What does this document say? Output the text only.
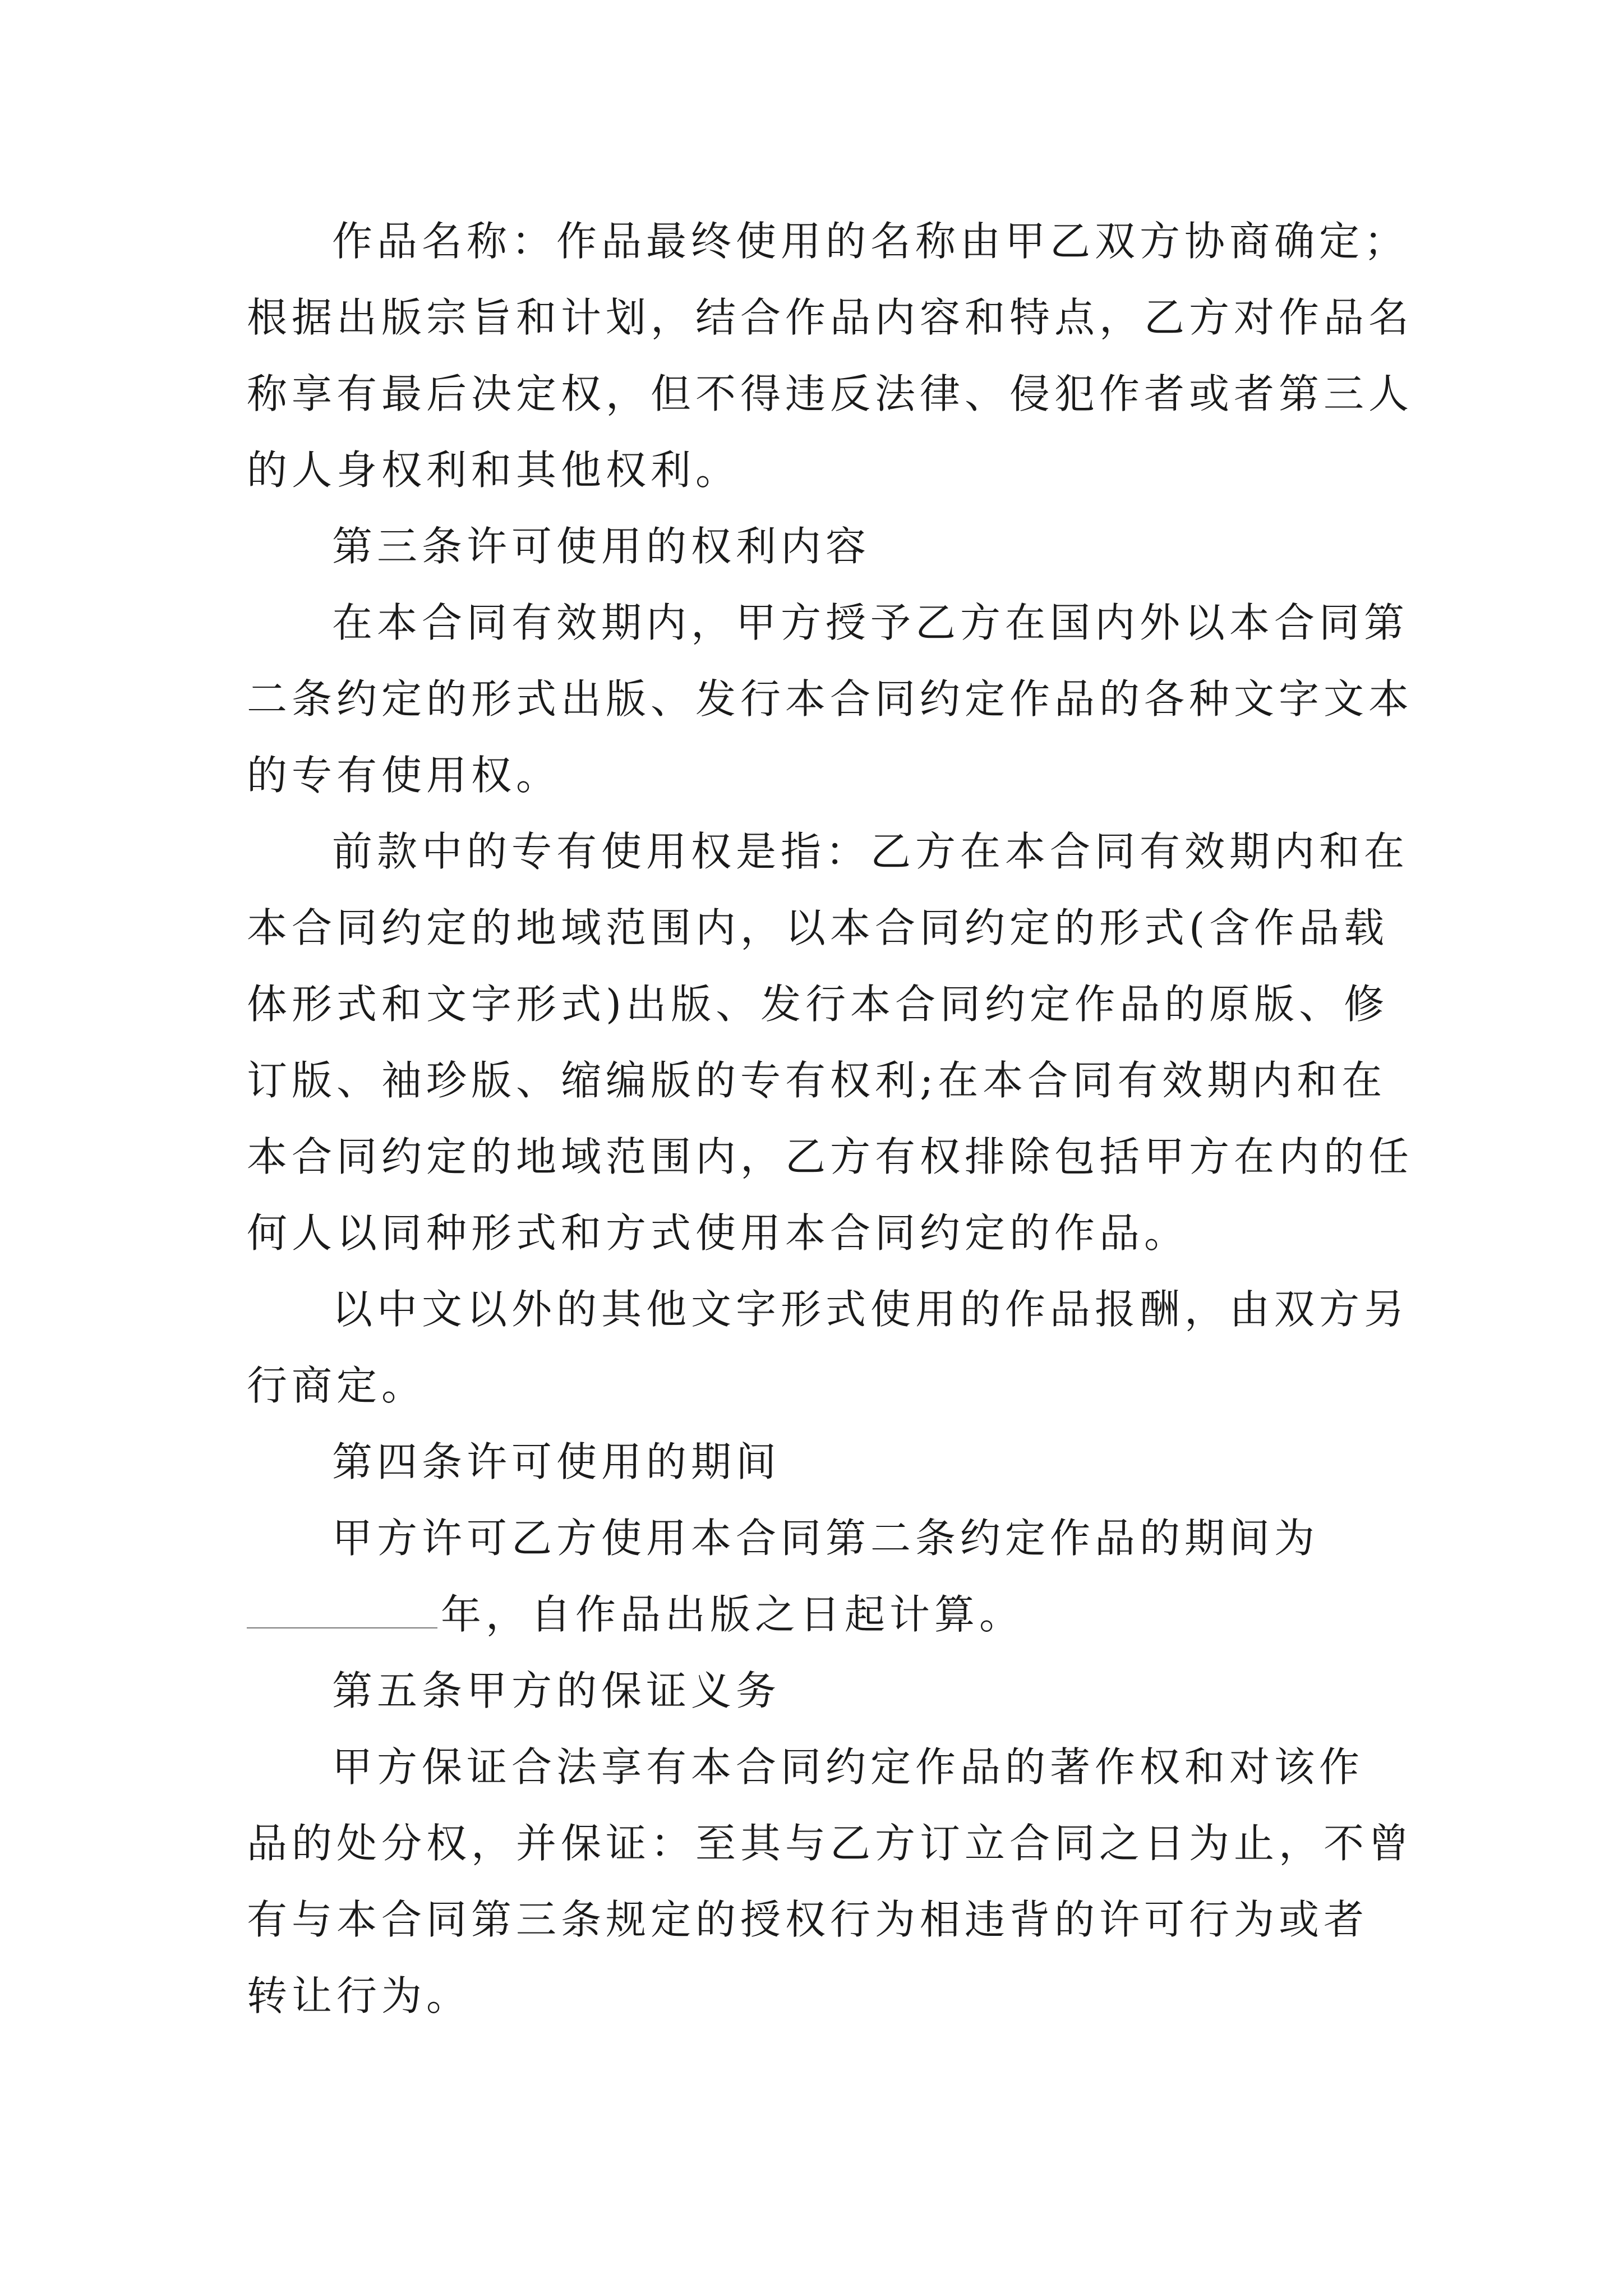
作品名称：作品最终使用的名称由甲乙双方协商确定；
根据出版宗旨和计划，结合作品内容和特点，乙方对作品名
称享有最后决定权，但不得违反法律、侵犯作者或者第三人
的人身权利和其他权利。
第三条许可使用的权利内容
在本合同有效期内，甲方授予乙方在国内外以本合同第
二条约定的形式出版、发行本合同约定作品的各种文字文本
的专有使用权。
前款中的专有使用权是指：乙方在本合同有效期内和在
本合同约定的地域范围内，以本合同约定的形式(含作品载
体形式和文字形式)出版、发行本合同约定作品的原版、修
订版、袖珍版、缩编版的专有权利;在本合同有效期内和在
本合同约定的地域范围内，乙方有权排除包括甲方在内的任
何人以同种形式和方式使用本合同约定的作品。
以中文以外的其他文字形式使用的作品报酬，由双方另
行商定。
第四条许可使用的期间
甲方许可乙方使用本合同第二条约定作品的期间为
年，自作品出版之日起计算。
第五条甲方的保证义务
甲方保证合法享有本合同约定作品的著作权和对该作
品的处分权，并保证：至其与乙方订立合同之日为止，不曾
有与本合同第三条规定的授权行为相违背的许可行为或者
转让行为。
